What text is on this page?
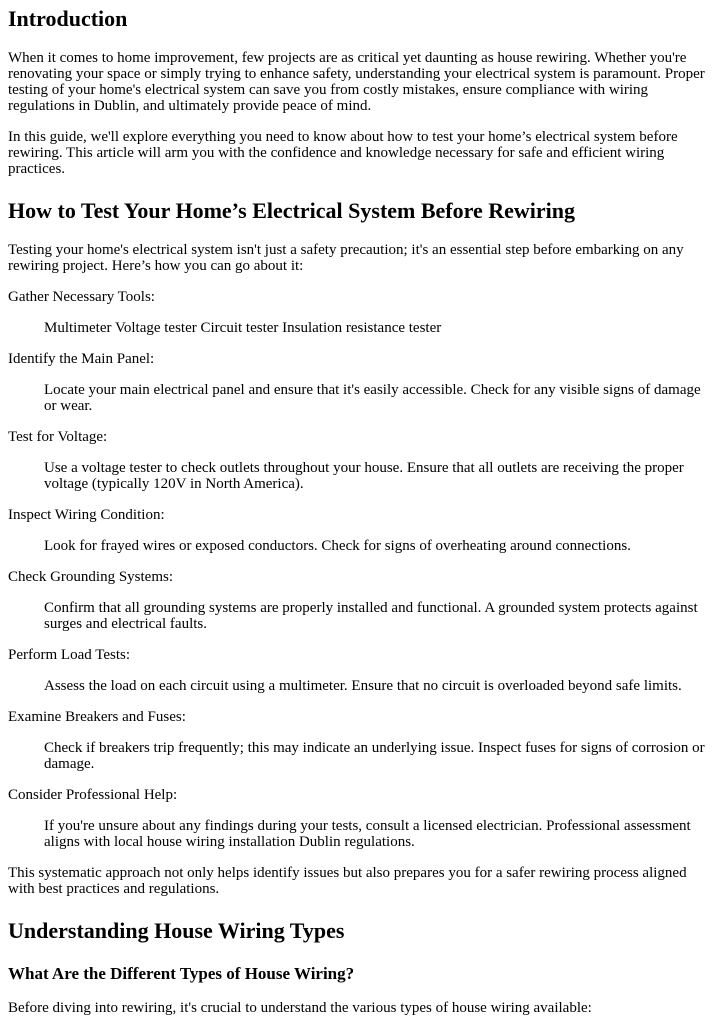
Introduction

When it comes to home improvement, few projects are as critical yet daunting as house rewiring. Whether you're renovating your space or simply trying to enhance safety, understanding your electrical system is paramount. Proper testing of your home's electrical system can save you from costly mistakes, ensure compliance with wiring regulations in Dublin, and ultimately provide peace of mind.

In this guide, we'll explore everything you need to know about how to test your home’s electrical system before rewiring. This article will arm you with the confidence and knowledge necessary for safe and efficient wiring practices.

How to Test Your Home’s Electrical System Before Rewiring

Testing your home's electrical system isn't just a safety precaution; it's an essential step before embarking on any rewiring project. Here’s how you can go about it:

Gather Necessary Tools:
Multimeter Voltage tester Circuit tester Insulation resistance tester
Identify the Main Panel:
Locate your main electrical panel and ensure that it's easily accessible. Check for any visible signs of damage or wear.
Test for Voltage:
Use a voltage tester to check outlets throughout your house. Ensure that all outlets are receiving the proper voltage (typically 120V in North America).
Inspect Wiring Condition:
Look for frayed wires or exposed conductors. Check for signs of overheating around connections.
Check Grounding Systems:
Confirm that all grounding systems are properly installed and functional. A grounded system protects against surges and electrical faults.
Perform Load Tests:
Assess the load on each circuit using a multimeter. Ensure that no circuit is overloaded beyond safe limits.
Examine Breakers and Fuses:
Check if breakers trip frequently; this may indicate an underlying issue. Inspect fuses for signs of corrosion or damage.
Consider Professional Help:
If you're unsure about any findings during your tests, consult a licensed electrician. Professional assessment aligns with local house wiring installation Dublin regulations.

This systematic approach not only helps identify issues but also prepares you for a safer rewiring process aligned with best practices and regulations.

Understanding House Wiring Types
What Are the Different Types of House Wiring?

Before diving into rewiring, it's crucial to understand the various types of house wiring available:
